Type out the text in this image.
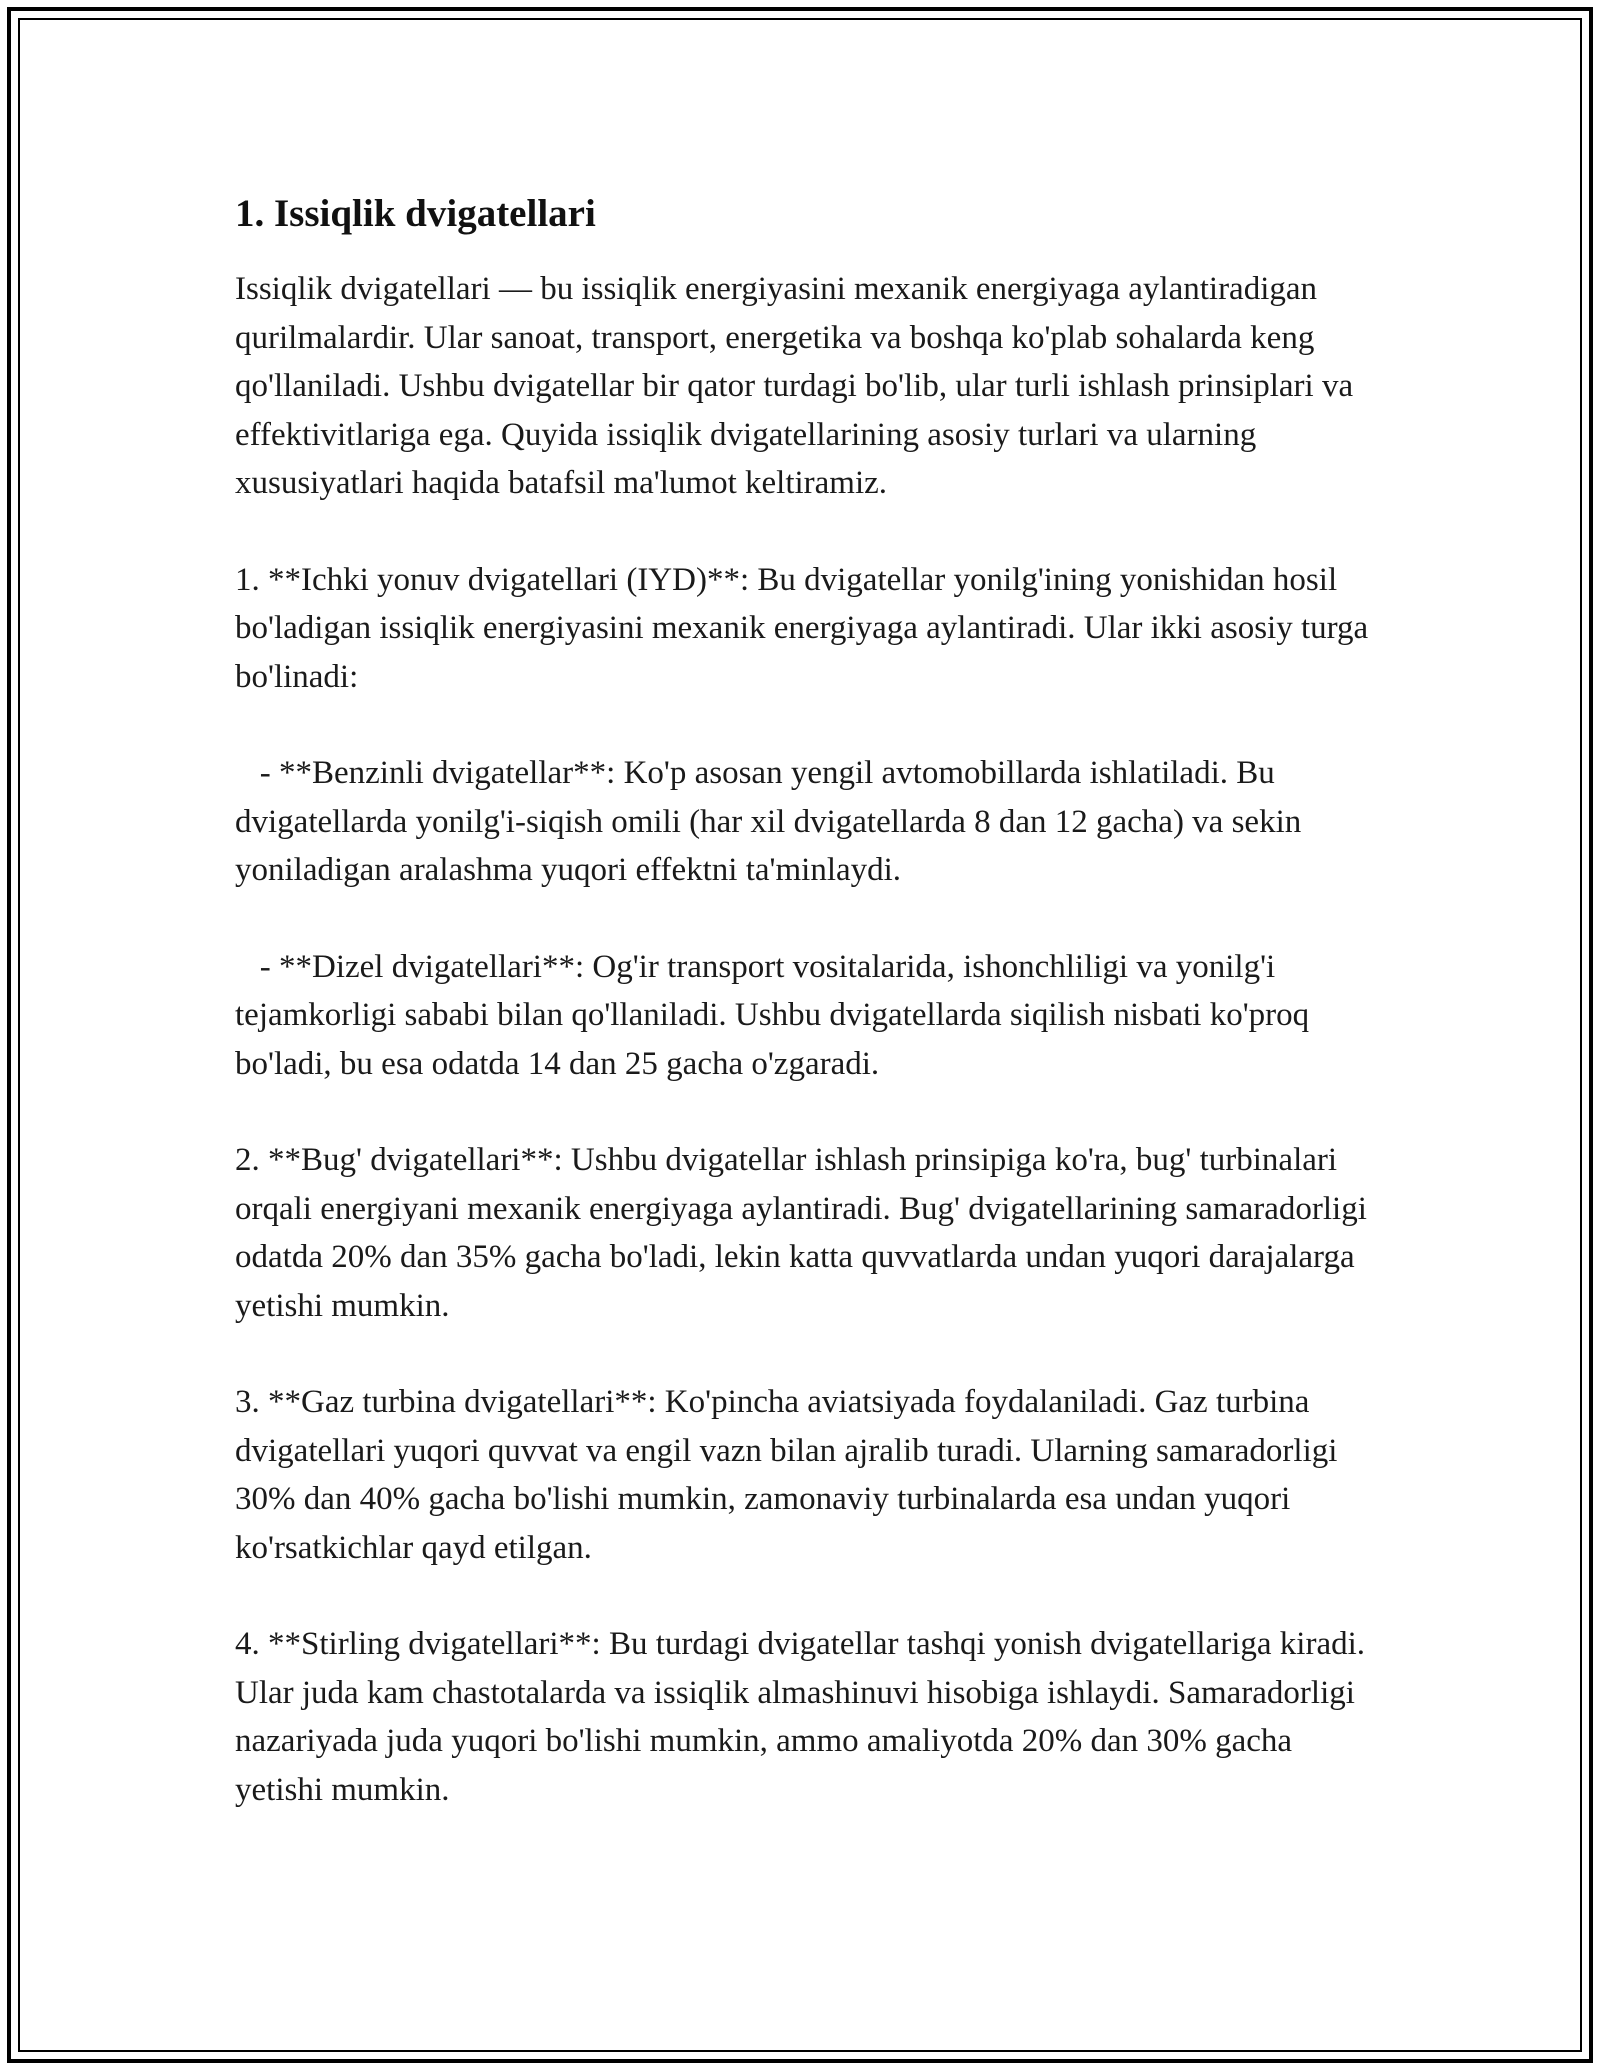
1. Issiqlik dvigatellari

Issiqlik dvigatellari — bu issiqlik energiyasini mexanik energiyaga aylantiradigan qurilmalardir. Ular sanoat, transport, energetika va boshqa ko'plab sohalarda keng qo'llaniladi. Ushbu dvigatellar bir qator turdagi bo'lib, ular turli ishlash prinsiplari va effektivitlariga ega. Quyida issiqlik dvigatellarining asosiy turlari va ularning xususiyatlari haqida batafsil ma'lumot keltiramiz.

1. **Ichki yonuv dvigatellari (IYD)**: Bu dvigatellar yonilg'ining yonishidan hosil bo'ladigan issiqlik energiyasini mexanik energiyaga aylantiradi. Ular ikki asosiy turga bo'linadi:

- **Benzinli dvigatellar**: Ko'p asosan yengil avtomobillarda ishlatiladi. Bu dvigatellarda yonilg'i-siqish omili (har xil dvigatellarda 8 dan 12 gacha) va sekin yoniladigan aralashma yuqori effektni ta'minlaydi.

- **Dizel dvigatellari**: Og'ir transport vositalarida, ishonchliligi va yonilg'i tejamkorligi sababi bilan qo'llaniladi. Ushbu dvigatellarda siqilish nisbati ko'proq bo'ladi, bu esa odatda 14 dan 25 gacha o'zgaradi.

2. **Bug' dvigatellari**: Ushbu dvigatellar ishlash prinsipiga ko'ra, bug' turbinalari orqali energiyani mexanik energiyaga aylantiradi. Bug' dvigatellarining samaradorligi odatda 20% dan 35% gacha bo'ladi, lekin katta quvvatlarda undan yuqori darajalarga yetishi mumkin.

3. **Gaz turbina dvigatellari**: Ko'pincha aviatsiyada foydalaniladi. Gaz turbina dvigatellari yuqori quvvat va engil vazn bilan ajralib turadi. Ularning samaradorligi 30% dan 40% gacha bo'lishi mumkin, zamonaviy turbinalarda esa undan yuqori ko'rsatkichlar qayd etilgan.

4. **Stirling dvigatellari**: Bu turdagi dvigatellar tashqi yonish dvigatellariga kiradi. Ular juda kam chastotalarda va issiqlik almashinuvi hisobiga ishlaydi. Samaradorligi nazariyada juda yuqori bo'lishi mumkin, ammo amaliyotda 20% dan 30% gacha yetishi mumkin.
